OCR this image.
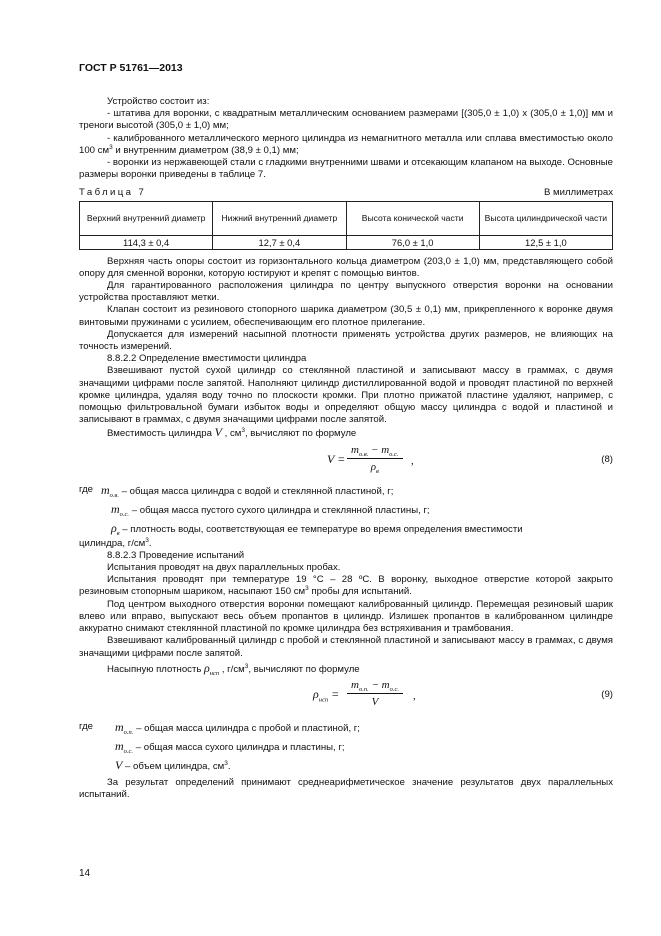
ГОСТ Р 51761—2013

Устройство состоит из:

- штатива для воронки, с квадратным металлическим основанием размерами [(305,0 ± 1,0) х (305,0 ± 1,0)] мм и треноги высотой (305,0 ± 1,0) мм;

- калиброванного металлического мерного цилиндра из немагнитного металла или сплава вместимостью около 100 $см^3$ и внутренним диаметром (38,9 ± 0,1) мм;

- воронки из нержавеющей стали с гладкими внутренними швами и отсекающим клапаном на выходе. Основные размеры воронки приведены в таблице 7.

Таблица 7	В миллиметрах
Верхний внутренний диаметр	Нижний внутренний диаметр	Высота конической части	Высота цилиндрической части
114,3 ± 0,4	12,7 ± 0,4	76,0 ± 1,0	12,5 ± 1,0

Верхняя часть опоры состоит из горизонтального кольца диаметром (203,0 ± 1,0) мм, представляющего собой опору для сменной воронки, которую юстируют и крепят с помощью винтов.

Для гарантированного расположения цилиндра по центру выпускного отверстия воронки на основании устройства проставляют метки.

Клапан состоит из резинового стопорного шарика диаметром (30,5 ± 0,1) мм, прикрепленного к воронке двумя винтовыми пружинами с усилием, обеспечивающим его плотное прилегание.

Допускается для измерений насыпной плотности применять устройства других размеров, не влияющих на точность измерений.

8.8.2.2 Определение вместимости цилиндра

Взвешивают пустой сухой цилиндр со стеклянной пластиной и записывают массу в граммах, с двумя значащими цифрами после запятой. Наполняют цилиндр дистиллированной водой и проводят пластиной по верхней кромке цилиндра, удаляя воду точно по плоскости кромки. При плотно прижатой пластине удаляют, например, с помощью фильтровальной бумаги избыток воды и определяют общую массу цилиндра с водой и пластиной и записывают в граммах, с двумя значащими цифрами после запятой.

Вместимость цилиндра V , $см^3$, вычисляют по формуле

V =
$m_{о.в.} - m_{о.с.}$
$\rho_в$
,	(8)
где $m_{о.в.}$ – общая масса цилиндра с водой и стеклянной пластиной, г;
$m_{о.с.}$ – общая масса пустого сухого цилиндра и стеклянной пластины, г;
$\rho_в$ – плотность воды, соответствующая ее температуре во время определения вместимости

цилиндра, $г/см^3$.

8.8.2.3 Проведение испытаний

Испытания проводят на двух параллельных пробах.

Испытания проводят при температуре 19 °С – 28 ºС. В воронку, выходное отверстие которой закрыто резиновым стопорным шариком, насыпают 150 $см^3$ пробы для испытаний.

Под центром выходного отверстия воронки помещают калиброванный цилиндр. Перемещая резиновый шарик влево или вправо, выпускают весь объем пропантов в цилиндр. Излишек пропантов в калиброванном цилиндре аккуратно снимают стеклянной пластиной по кромке цилиндра без встряхивания и трамбования.

Взвешивают калиброванный цилиндр с пробой и стеклянной пластиной и записывают массу в граммах, с двумя значащими цифрами после запятой.

Насыпную плотность $\rho_{нсп}$ , $г/см^3$, вычисляют по формуле

$\rho_{нсп}$ =
$m_{о.п.} - m_{о.с.}$
V	,	(9)
где $m_{о.п.}$ – общая масса цилиндра с пробой и пластиной, г;
$m_{о.с.}$ – общая масса сухого цилиндра и пластины, г;
V – объем цилиндра, $см^3$.

За результат определений принимают среднеарифметическое значение результатов двух параллельных испытаний.

14
